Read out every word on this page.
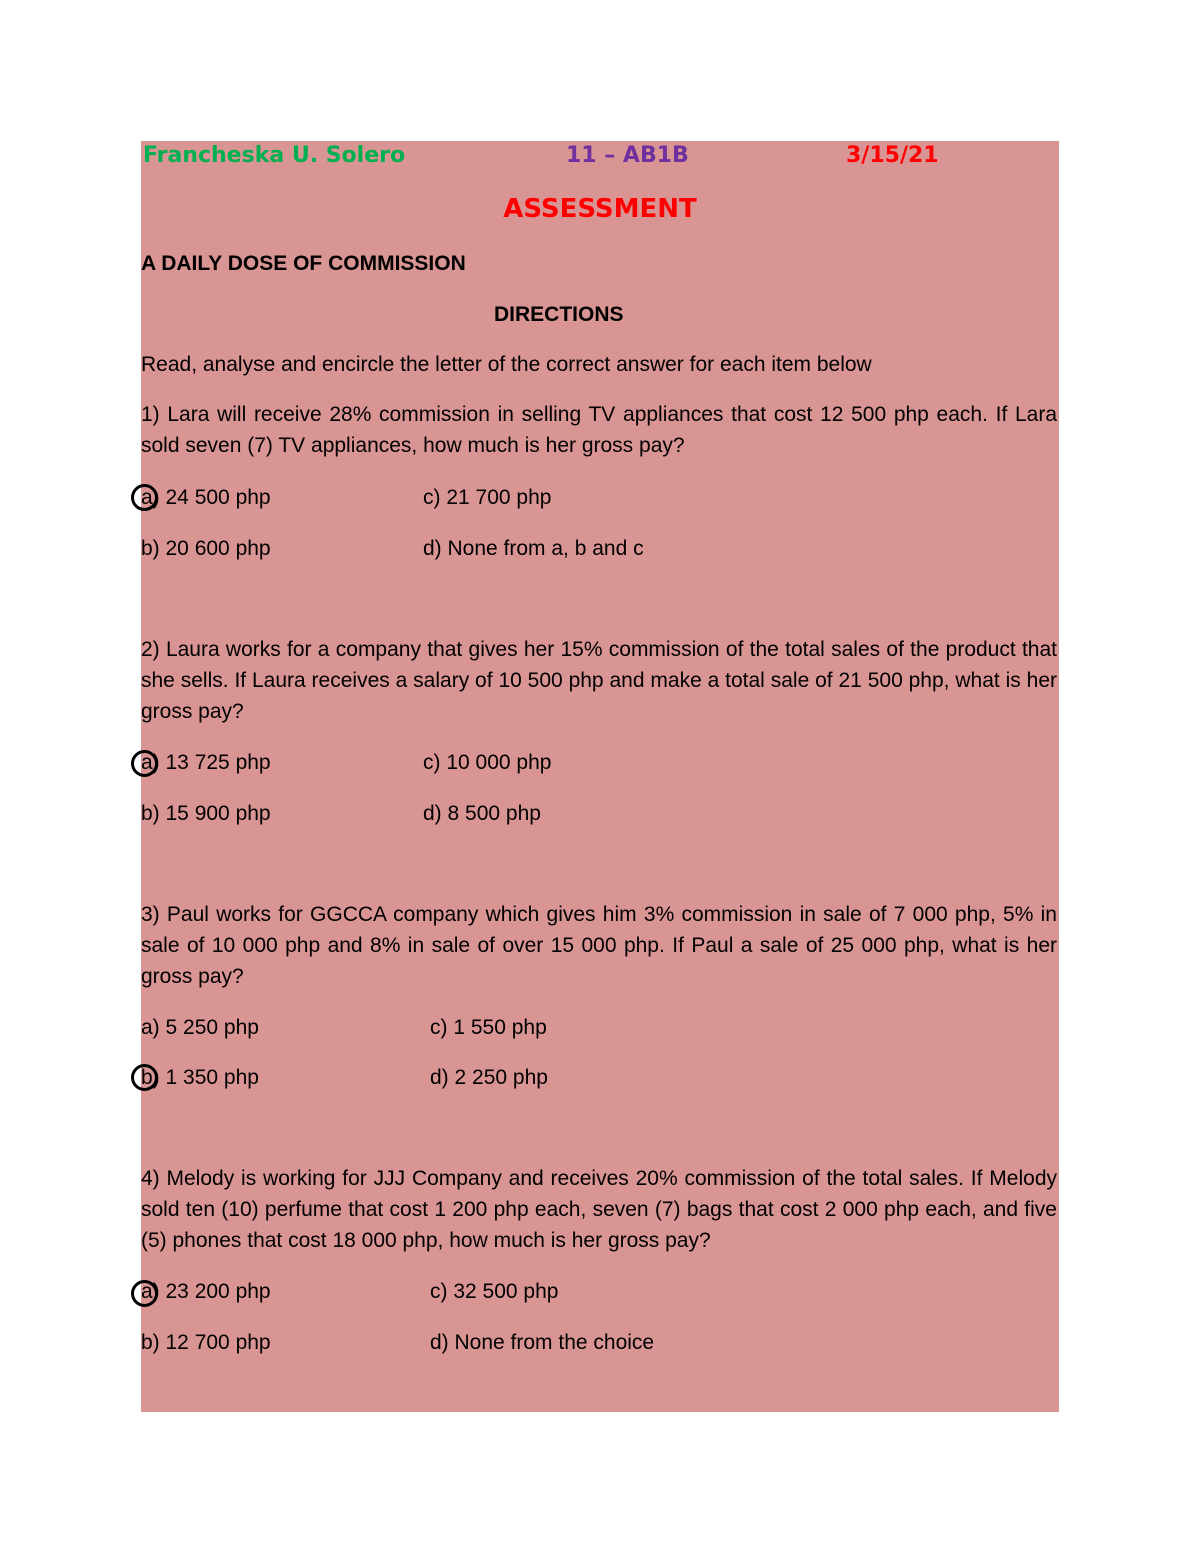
Francheska U. Solero	11 – AB1B	3/15/21
ASSESSMENT
A DAILY DOSE OF COMMISSION
DIRECTIONS
Read, analyse and encircle the letter of the correct answer for each item below
1) Lara will receive 28% commission in selling TV appliances that cost 12 500 php each. If Lara sold seven (7) TV appliances, how much is her gross pay?
a) 24 500 php	c) 21 700 php
b) 20 600 php	d) None from a, b and c
2) Laura works for a company that gives her 15% commission of the total sales of the product that she sells. If Laura receives a salary of 10 500 php and make a total sale of 21 500 php, what is her gross pay?
a) 13 725 php	c) 10 000 php
b) 15 900 php	d) 8 500 php
3) Paul works for GGCCA company which gives him 3% commission in sale of 7 000 php, 5% in sale of 10 000 php and 8% in sale of over 15 000 php. If Paul a sale of 25 000 php, what is her gross pay?
a) 5 250 php	c) 1 550 php
b) 1 350 php	d) 2 250 php
4) Melody is working for JJJ Company and receives 20% commission of the total sales. If Melody sold ten (10) perfume that cost 1 200 php each, seven (7) bags that cost 2 000 php each, and five (5) phones that cost 18 000 php, how much is her gross pay?
a) 23 200 php	c) 32 500 php
b) 12 700 php	d) None from the choice
